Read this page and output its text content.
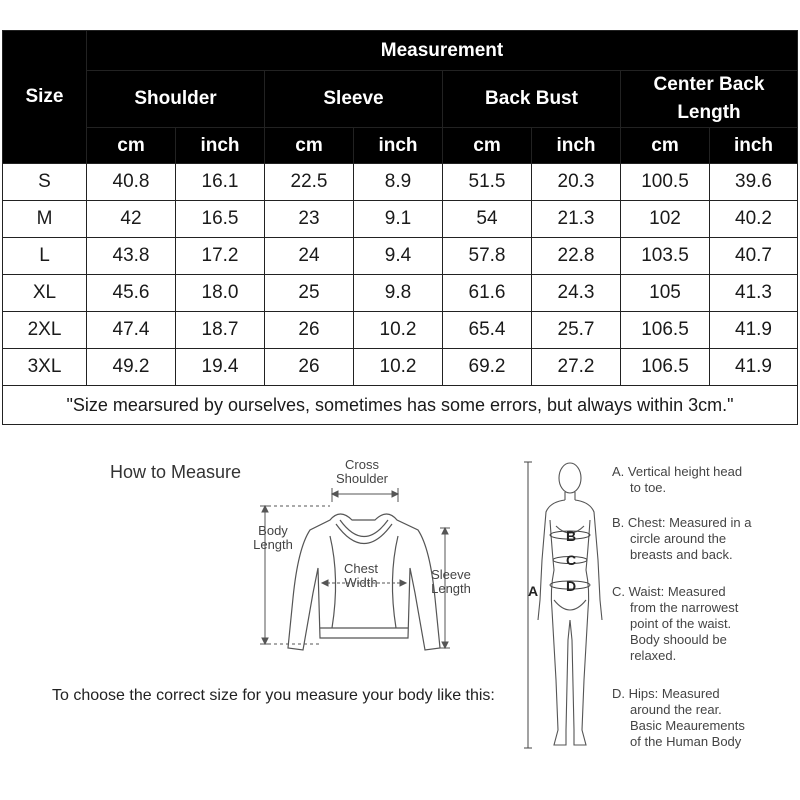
Size	Measurement							
	Shoulder		Sleeve		Back Bust		Center Back Length	
	cm	inch	cm	inch	cm	inch	cm	inch
S	40.8	16.1	22.5	8.9	51.5	20.3	100.5	39.6
M	42	16.5	23	9.1	54	21.3	102	40.2
L	43.8	17.2	24	9.4	57.8	22.8	103.5	40.7
XL	45.6	18.0	25	9.8	61.6	24.3	105	41.3
2XL	47.4	18.7	26	10.2	65.4	25.7	106.5	41.9
3XL	49.2	19.4	26	10.2	69.2	27.2	106.5	41.9
"Size mearsured by ourselves, sometimes has some errors, but always within 3cm."								
How to Measure	Cross
Shoulder
Body
Length
Chest
Width
Sleeve
Length
To choose the correct size for you measure your body like this:
A
B
C
D
A. Vertical height head
to toe.
B. Chest: Measured in a
circle around the
breasts and back.
C. Waist: Measured
from the narrowest
point of the waist.
Body shoould be
relaxed.
D. Hips: Measured
around the rear.
Basic Meaurements
of the Human Body
